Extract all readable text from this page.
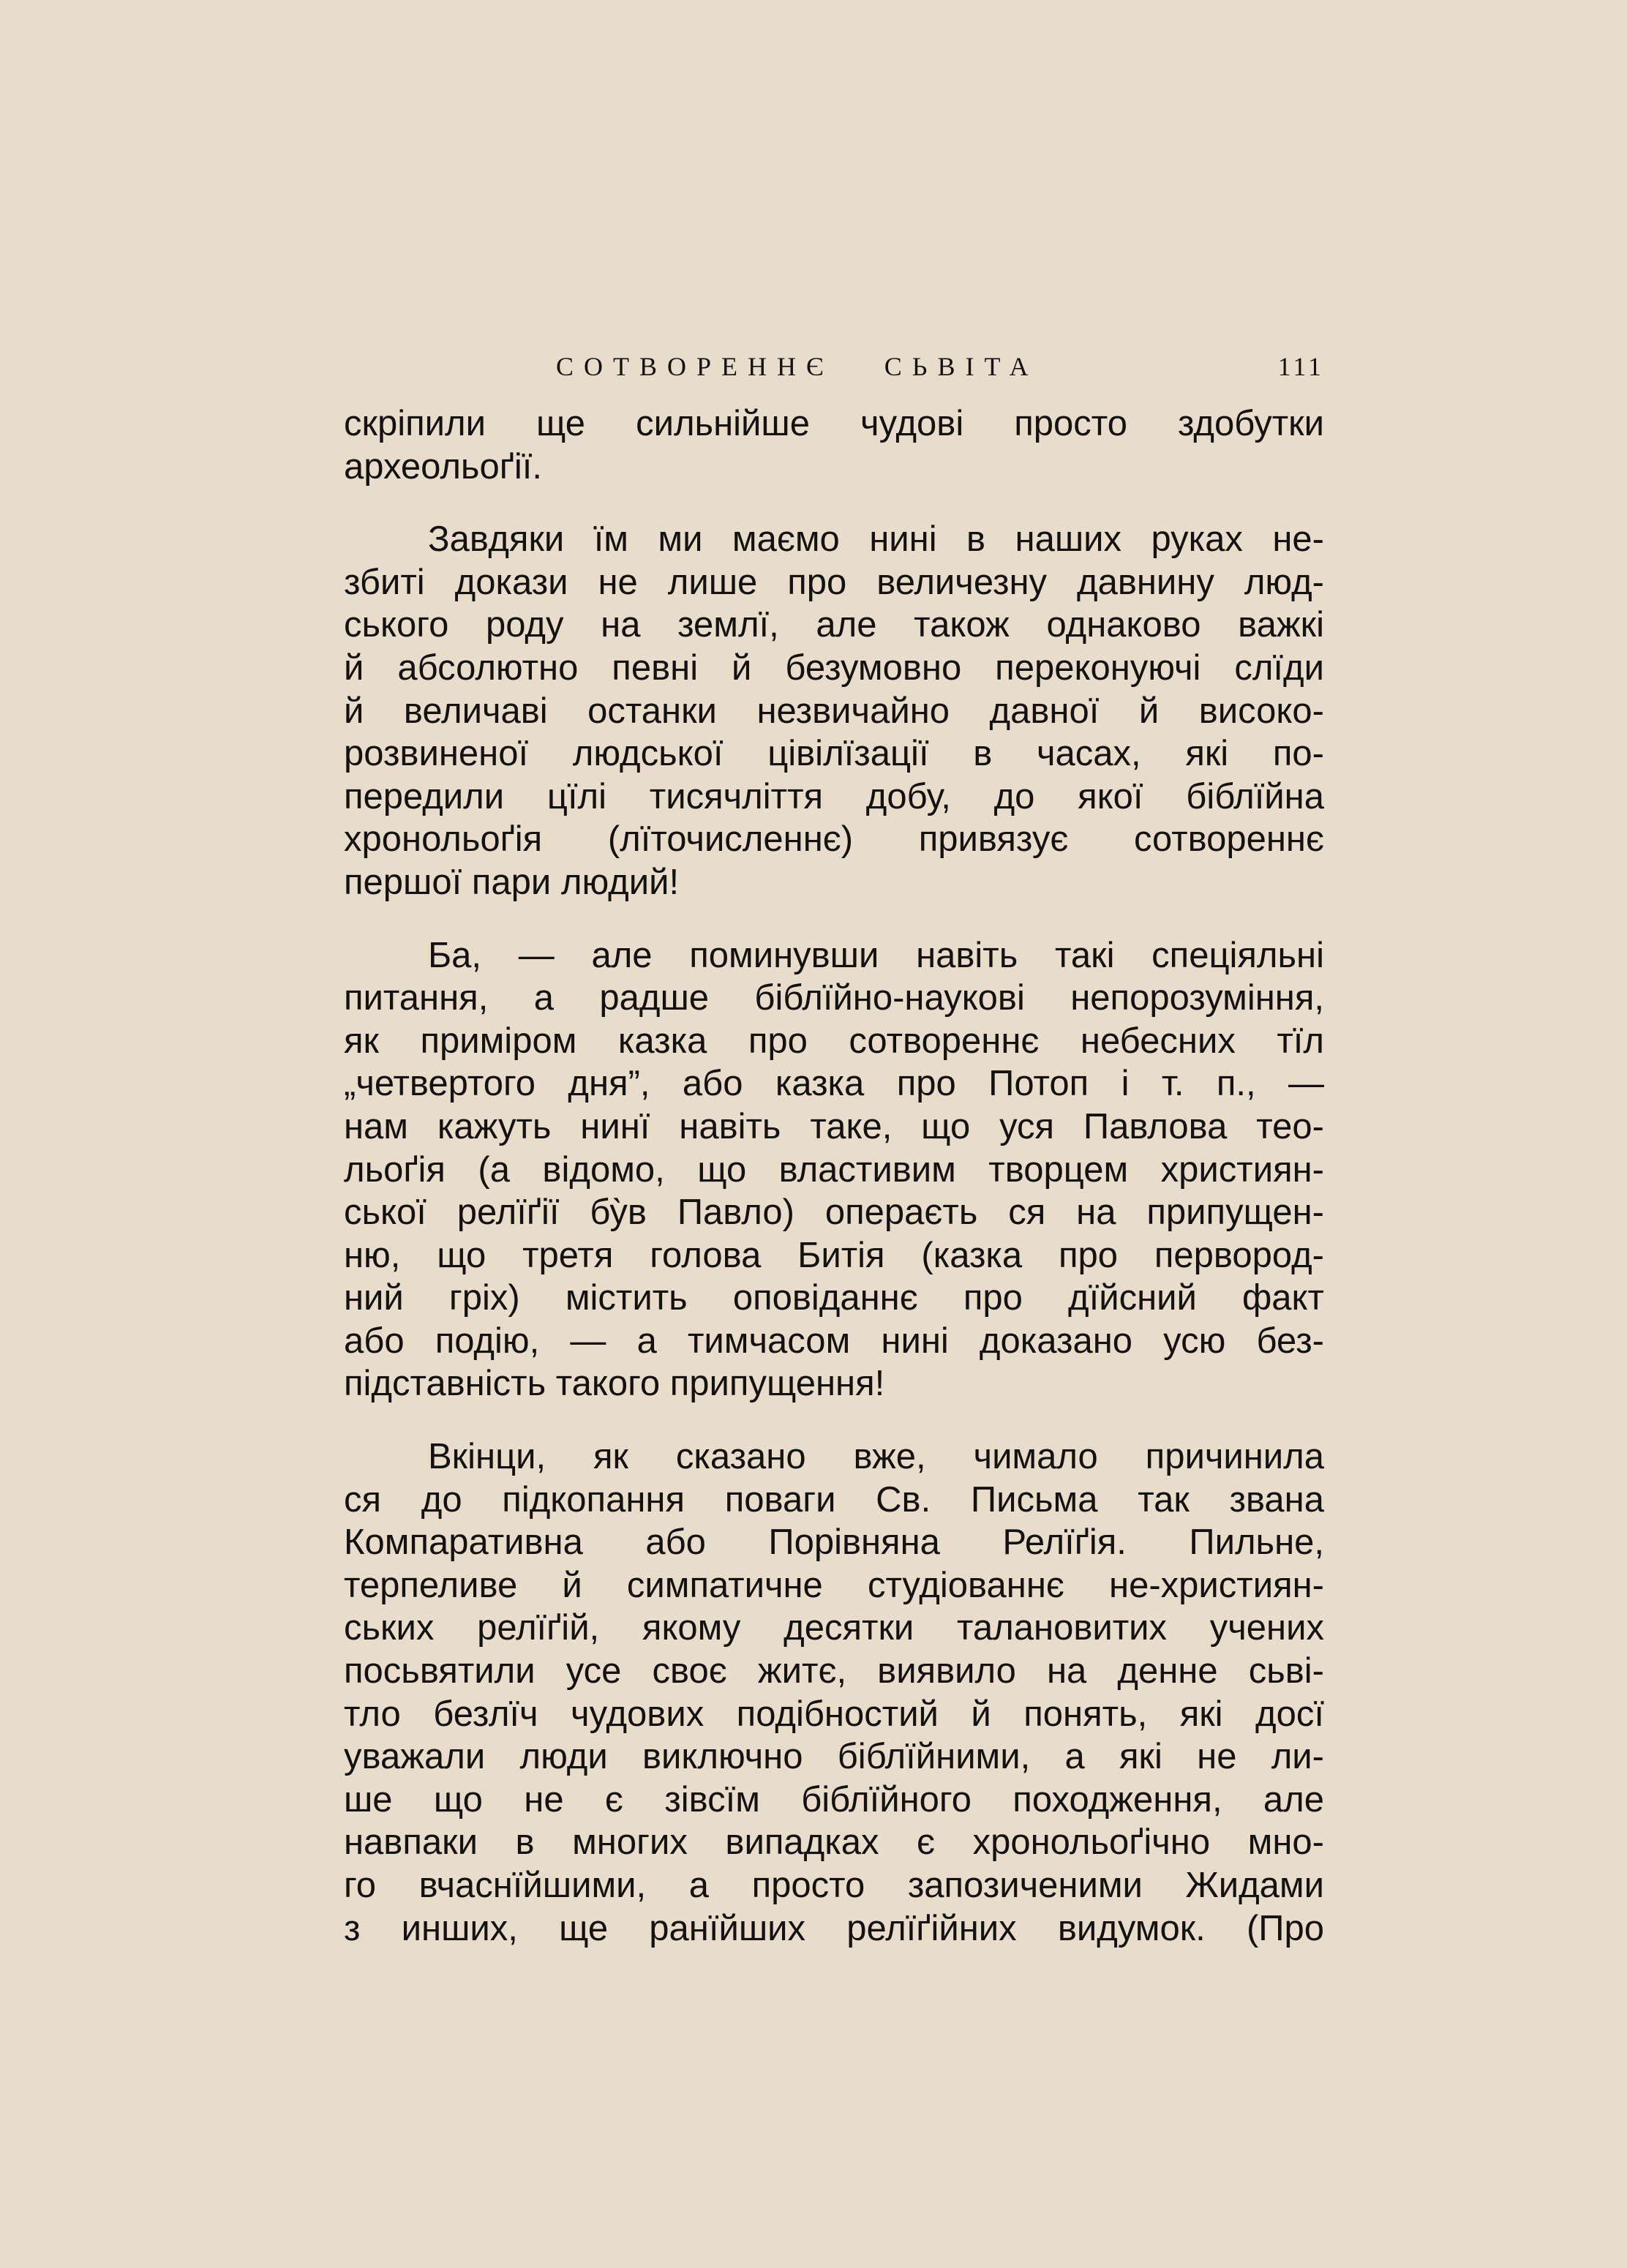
СОТВОРЕННЄ   СЬВІТА	111

скріпили ще сильнійше чудові просто здобутки
археольоґії.

Завдяки їм ми маємо нині в наших руках не-
збиті докази не лише про величезну давнину люд-
ського роду на землї, але також однаково важкі
й абсолютно певні й безумовно переконуючі слїди
й величаві останки незвичайно давної й високо-
розвиненої людської цівілїзації в часах, які по-
передили цїлі тисячліття добу, до якої біблїйна
хронольоґія (лїточисленнє) привязує сотвореннє
першої пари людий!

Ба, — але поминувши навіть такі спеціяльні
питання, а радше біблїйно-наукові непорозуміння,
як приміром казка про сотвореннє небесних тїл
„четвертого дня”, або казка про Потоп і т. п., —
нам кажуть нинї навіть таке, що уся Павлова тео-
льоґія (а відомо, що властивим творцем християн-
ської релїґії бу̀в Павло) операєть ся на припущен-
ню, що третя голова Битія (казка про первород-
ний гріх) містить оповіданнє про дїйсний факт
або подію, — а тимчасом нині доказано усю без-
підставність такого припущення!

Вкінци, як сказано вже, чимало причинила
ся до підкопання поваги Св. Письма так звана
Компаративна або Порівняна Релїґія. Пильне,
терпеливе й симпатичне студіованнє не-християн-
ських релїґій, якому десятки талановитих учених
посьвятили усе своє житє, виявило на денне сьві-
тло безлїч чудових подібностий й понять, які досї
уважали люди виключно біблїйними, а які не ли-
ше що не є зівсїм біблїйного походження, але
навпаки в многих випадках є хронольоґічно мно-
го вчаснїйшими, а просто запозиченими Жидами
з инших, ще ранїйших релїґійних видумок. (Про
